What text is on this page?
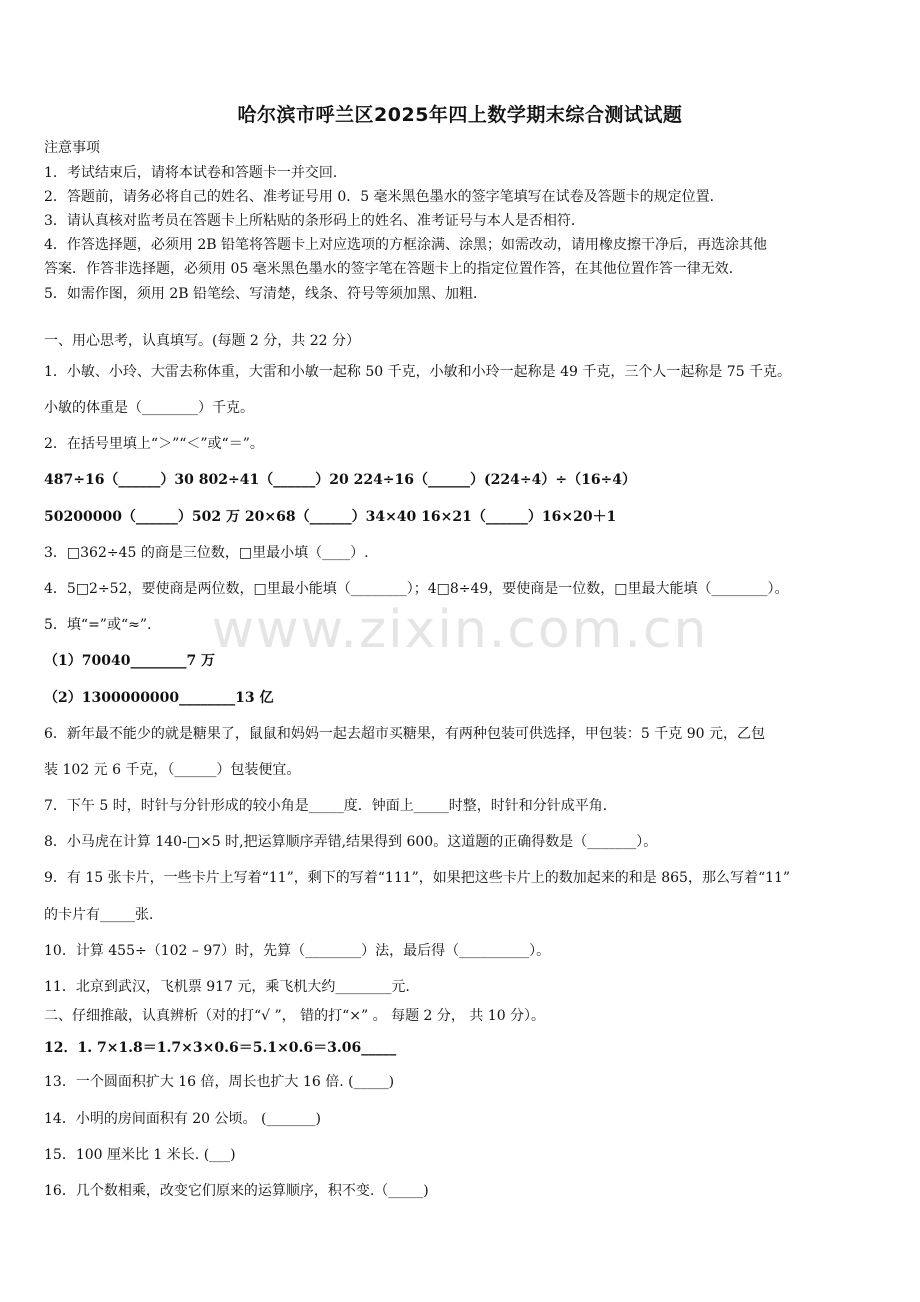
哈尔滨市呼兰区2025年四上数学期末综合测试试题
注意事项
1．考试结束后，请将本试卷和答题卡一并交回．
2．答题前，请务必将自己的姓名、准考证号用 0．5 毫米黑色墨水的签字笔填写在试卷及答题卡的规定位置．
3．请认真核对监考员在答题卡上所粘贴的条形码上的姓名、准考证号与本人是否相符．
4．作答选择题，必须用 2B 铅笔将答题卡上对应选项的方框涂满、涂黑；如需改动，请用橡皮擦干净后，再选涂其他
答案．作答非选择题，必须用 05 毫米黑色墨水的签字笔在答题卡上的指定位置作答，在其他位置作答一律无效．
5．如需作图，须用 2B 铅笔绘、写清楚，线条、符号等须加黑、加粗．
一、用心思考，认真填写。(每题 2 分，共 22 分）
1．小敏、小玲、大雷去称体重，大雷和小敏一起称 50 千克，小敏和小玲一起称是 49 千克，三个人一起称是 75 千克。
小敏的体重是（________）千克。
2．在括号里填上“＞”“＜”或“＝”。
487÷16（______）30 802÷41（______）20 224÷16（______）(224÷4）÷（16÷4）
50200000（______）502 万 20×68（______）34×40 16×21（______）16×20＋1
3．□362÷45 的商是三位数，□里最小填（____）.
4．5□2÷52，要使商是两位数，□里最小能填（________）；4□8÷49，要使商是一位数，□里最大能填（________）。
5．填“=”或“≈”.
（1）70040________7 万
（2）1300000000________13 亿
6．新年最不能少的就是糖果了，鼠鼠和妈妈一起去超市买糖果，有两种包装可供选择，甲包装：5 千克 90 元，乙包
装 102 元 6 千克，（______）包装便宜。
7．下午 5 时，时针与分针形成的较小角是_____度．钟面上_____时整，时针和分针成平角．
8．小马虎在计算 140-□×5 时,把运算顺序弄错,结果得到 600。这道题的正确得数是（_______）。
9．有 15 张卡片，一些卡片上写着“11”，剩下的写着“111”，如果把这些卡片上的数加起来的和是 865，那么写着“11”
的卡片有_____张．
10．计算 455÷（102 – 97）时，先算（________）法，最后得（__________）。
11．北京到武汉，飞机票 917 元，乘飞机大约________元.
二、仔细推敲，认真辨析（对的打“√ ”， 错的打“×” 。 每题 2 分， 共 10 分）。
12．1. 7×1.8＝1.7×3×0.6＝5.1×0.6＝3.06_____
13．一个圆面积扩大 16 倍，周长也扩大 16 倍. (_____)
14．小明的房间面积有 20 公顷。 (_______)
15．100 厘米比 1 米长. (___)
16．几个数相乘，改变它们原来的运算顺序，积不变.（_____)
www.zixin.com.cn
